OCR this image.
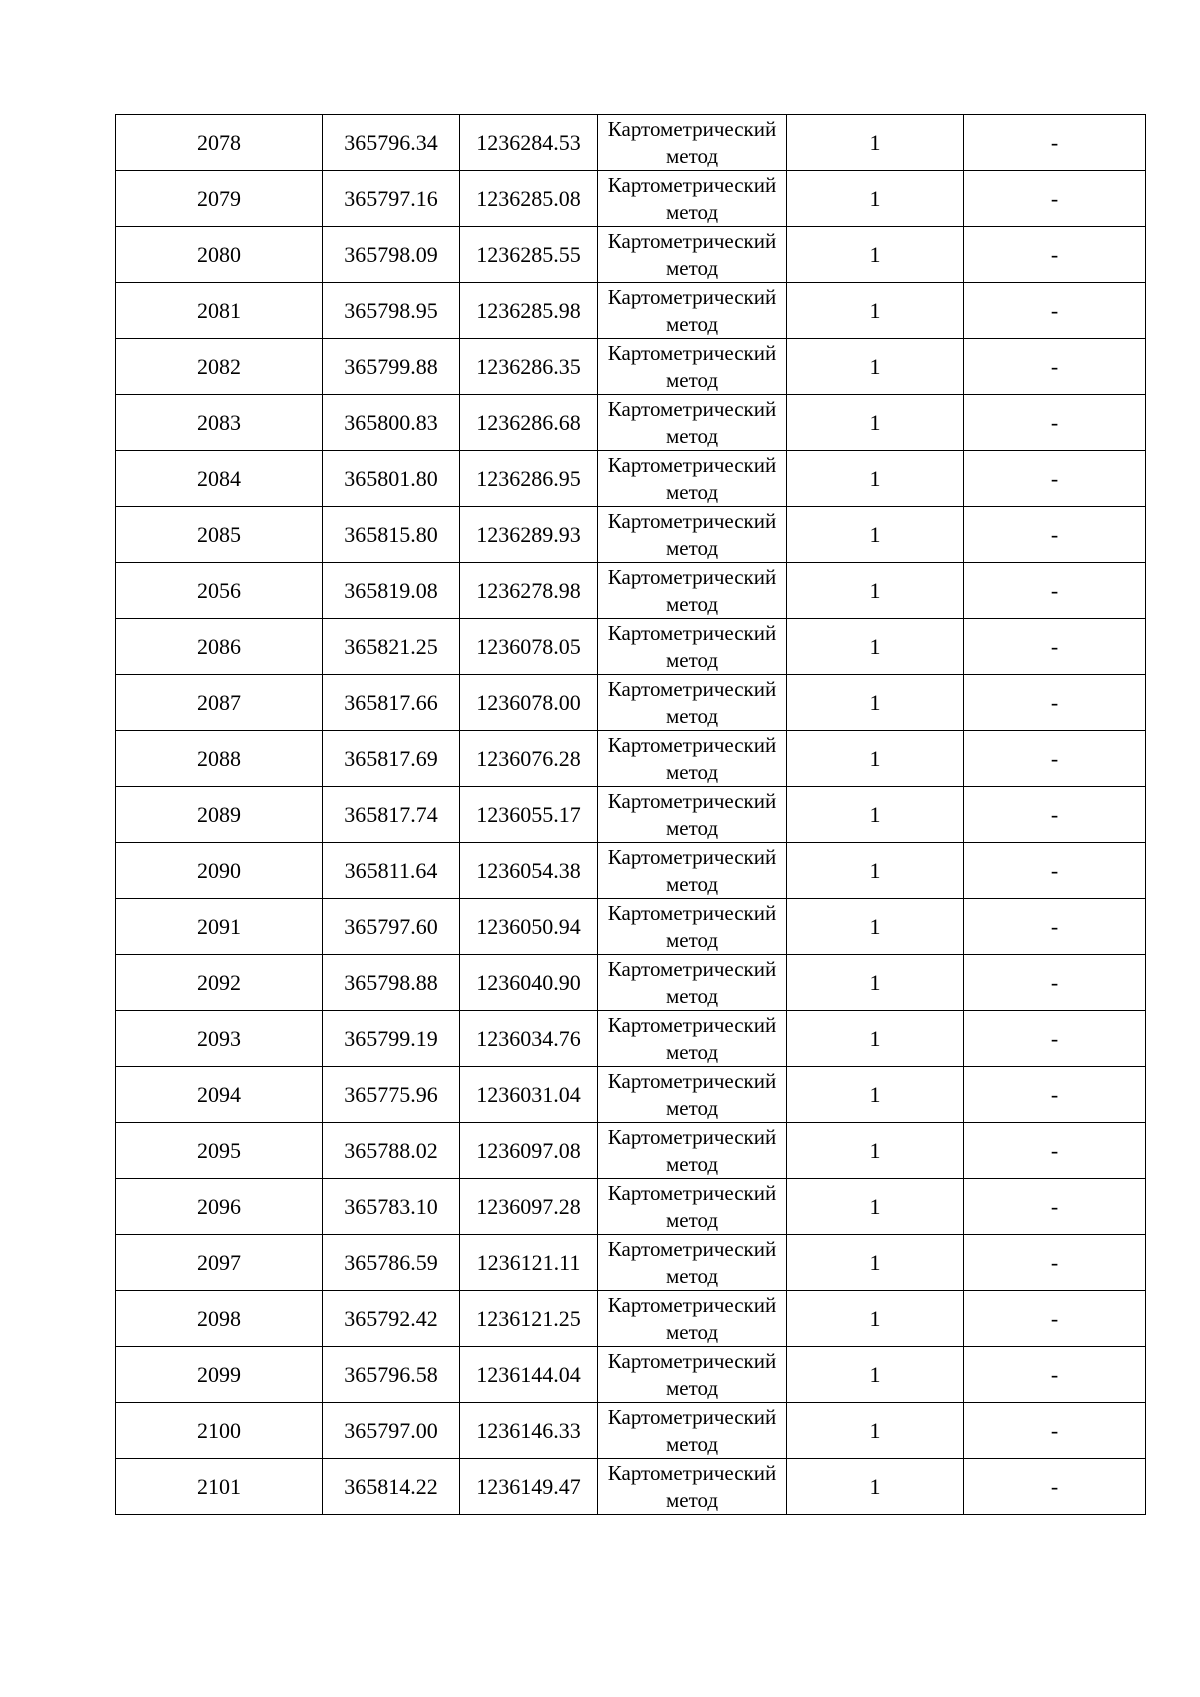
2078	365796.34	1236284.53	Картометрический метод	1	-
2079	365797.16	1236285.08	Картометрический метод	1	-
2080	365798.09	1236285.55	Картометрический метод	1	-
2081	365798.95	1236285.98	Картометрический метод	1	-
2082	365799.88	1236286.35	Картометрический метод	1	-
2083	365800.83	1236286.68	Картометрический метод	1	-
2084	365801.80	1236286.95	Картометрический метод	1	-
2085	365815.80	1236289.93	Картометрический метод	1	-
2056	365819.08	1236278.98	Картометрический метод	1	-
2086	365821.25	1236078.05	Картометрический метод	1	-
2087	365817.66	1236078.00	Картометрический метод	1	-
2088	365817.69	1236076.28	Картометрический метод	1	-
2089	365817.74	1236055.17	Картометрический метод	1	-
2090	365811.64	1236054.38	Картометрический метод	1	-
2091	365797.60	1236050.94	Картометрический метод	1	-
2092	365798.88	1236040.90	Картометрический метод	1	-
2093	365799.19	1236034.76	Картометрический метод	1	-
2094	365775.96	1236031.04	Картометрический метод	1	-
2095	365788.02	1236097.08	Картометрический метод	1	-
2096	365783.10	1236097.28	Картометрический метод	1	-
2097	365786.59	1236121.11	Картометрический метод	1	-
2098	365792.42	1236121.25	Картометрический метод	1	-
2099	365796.58	1236144.04	Картометрический метод	1	-
2100	365797.00	1236146.33	Картометрический метод	1	-
2101	365814.22	1236149.47	Картометрический метод	1	-
